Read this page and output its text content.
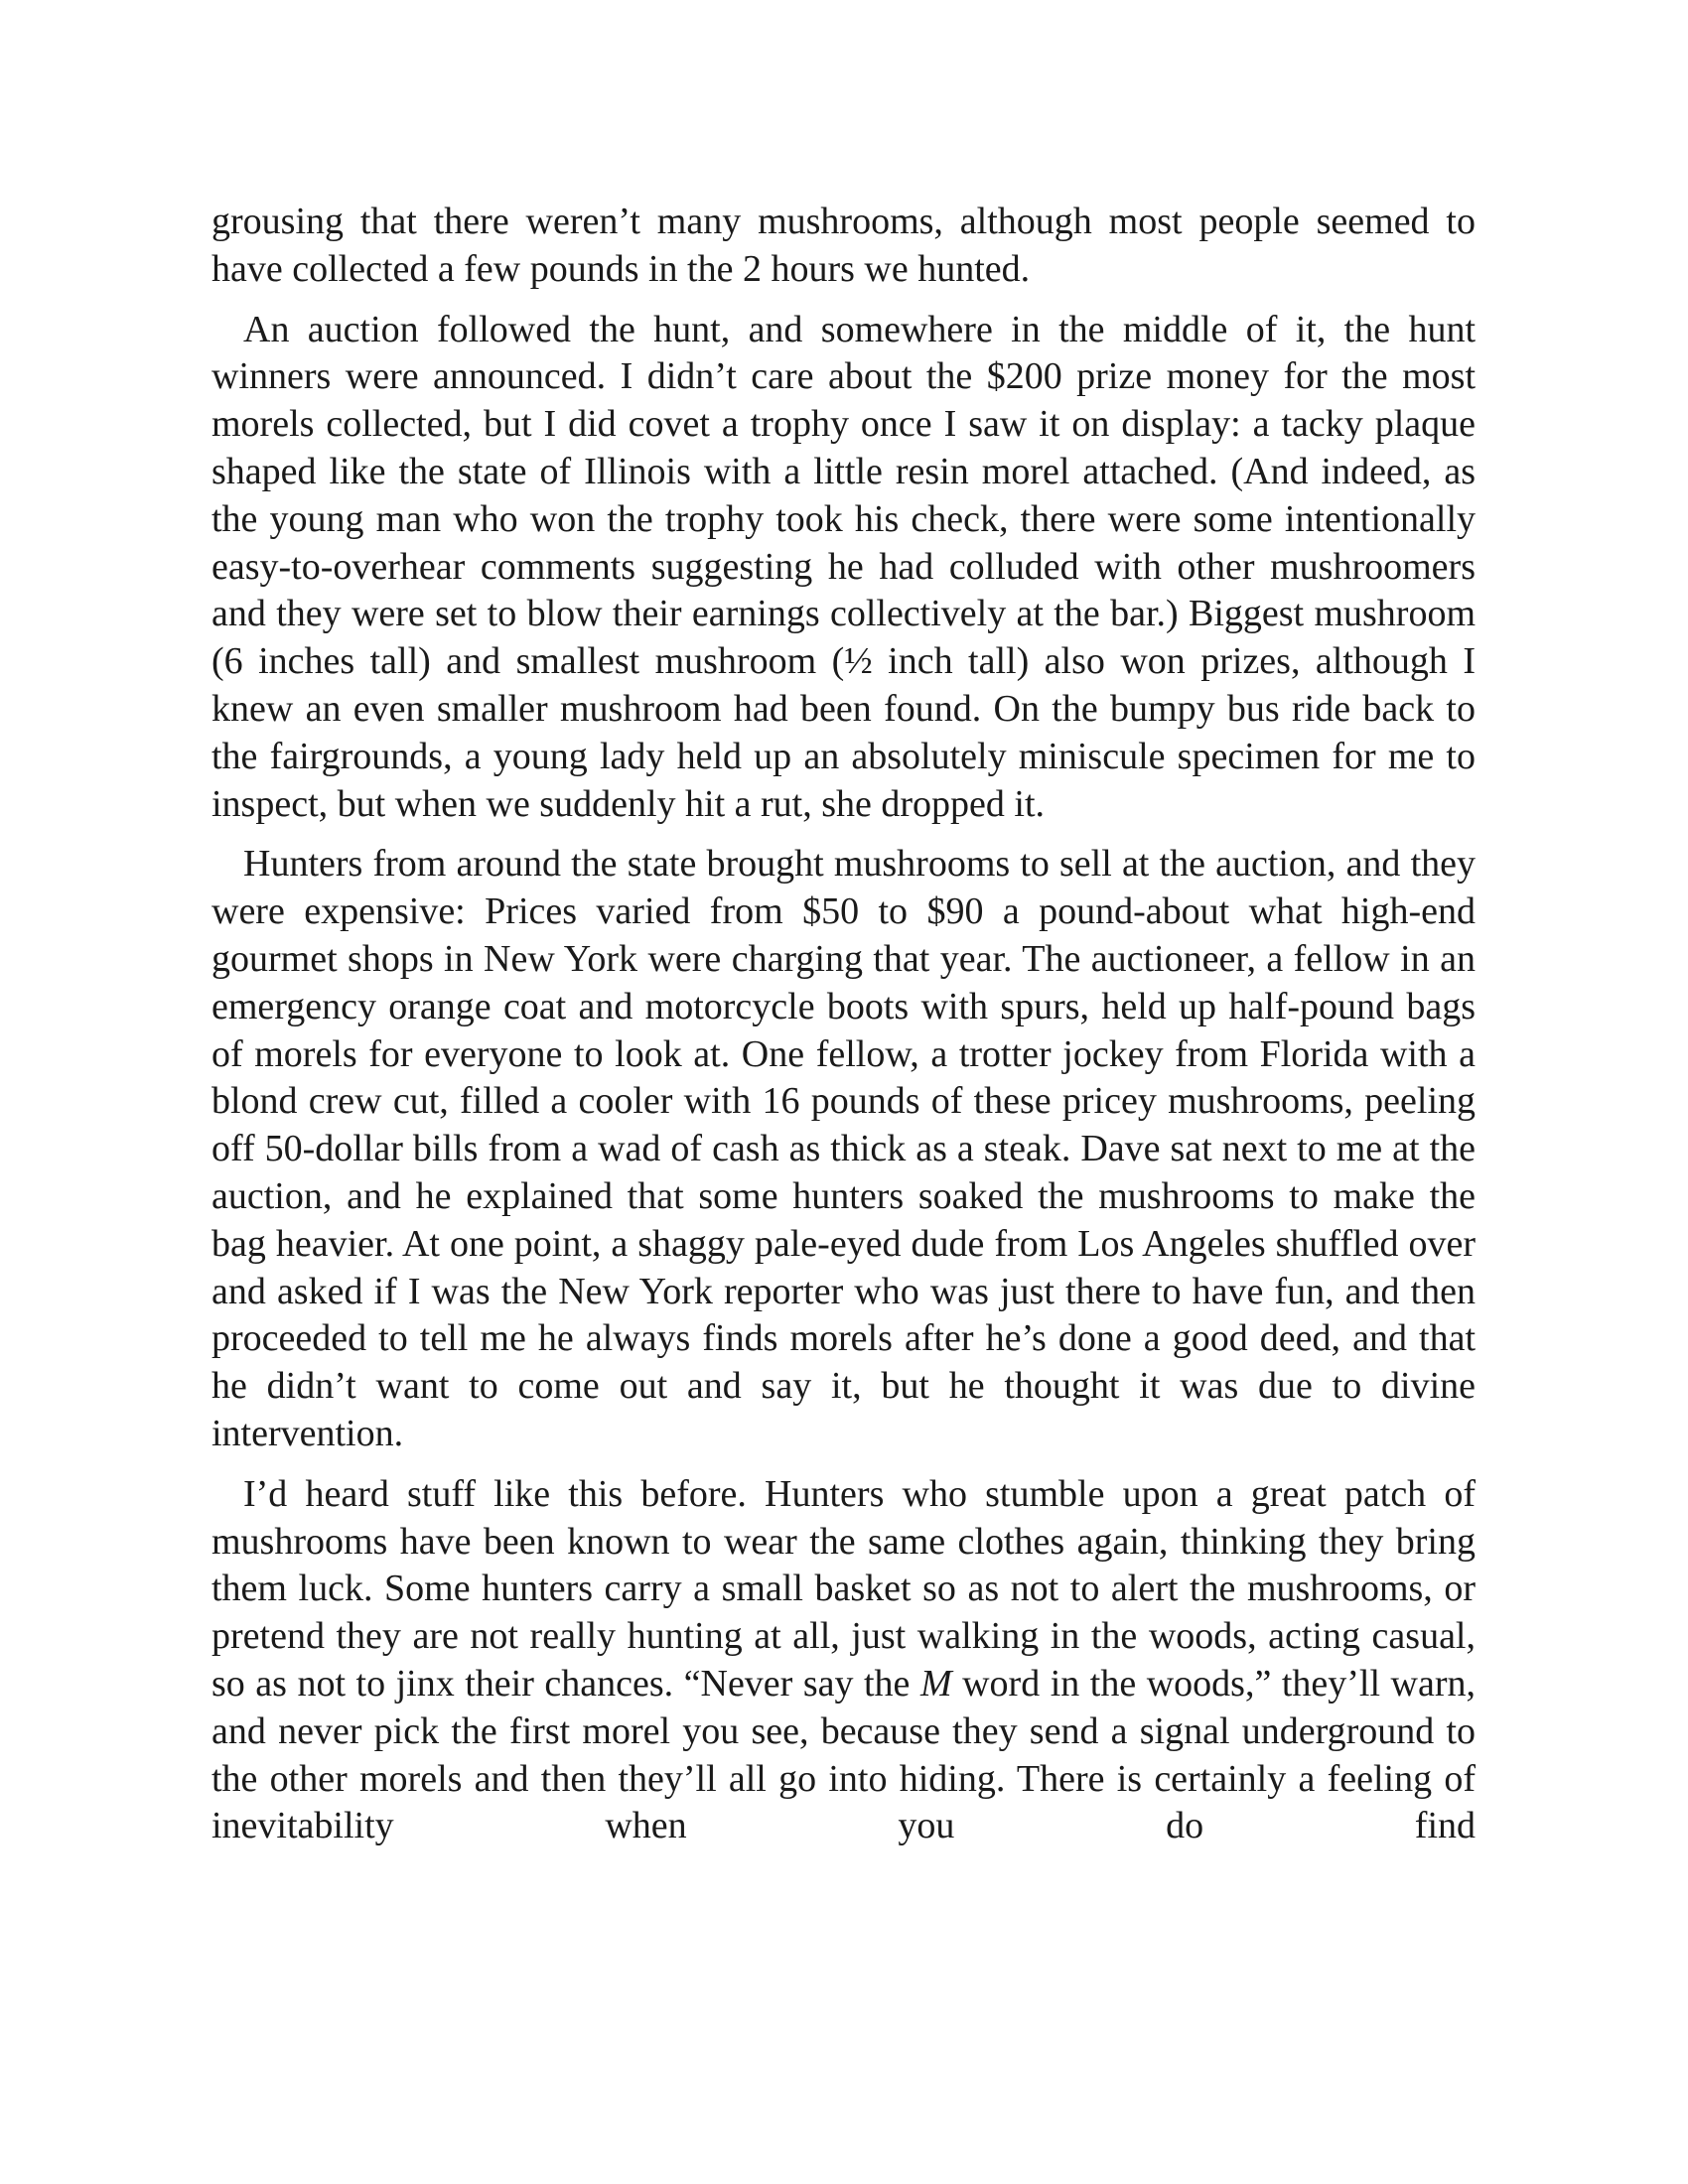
grousing that there weren’t many mushrooms, although most people seemed to have collected a few pounds in the 2 hours we hunted.

An auction followed the hunt, and somewhere in the middle of it, the hunt winners were announced. I didn’t care about the $200 prize money for the most morels collected, but I did covet a trophy once I saw it on display: a tacky plaque shaped like the state of Illinois with a little resin morel attached. (And indeed, as the young man who won the trophy took his check, there were some intentionally easy-to-overhear comments suggesting he had colluded with other mushroomers and they were set to blow their earnings collectively at the bar.) Biggest mushroom (6 inches tall) and smallest mushroom (½ inch tall) also won prizes, although I knew an even smaller mushroom had been found. On the bumpy bus ride back to the fairgrounds, a young lady held up an absolutely miniscule specimen for me to inspect, but when we suddenly hit a rut, she dropped it.

Hunters from around the state brought mushrooms to sell at the auction, and they were expensive: Prices varied from $50 to $90 a pound-about what high-end gourmet shops in New York were charging that year. The auctioneer, a fellow in an emergency orange coat and motorcycle boots with spurs, held up half-pound bags of morels for everyone to look at. One fellow, a trotter jockey from Florida with a blond crew cut, filled a cooler with 16 pounds of these pricey mushrooms, peeling off 50-dollar bills from a wad of cash as thick as a steak. Dave sat next to me at the auction, and he explained that some hunters soaked the mushrooms to make the bag heavier. At one point, a shaggy pale-eyed dude from Los Angeles shuffled over and asked if I was the New York reporter who was just there to have fun, and then proceeded to tell me he always finds morels after he’s done a good deed, and that he didn’t want to come out and say it, but he thought it was due to divine intervention.

I’d heard stuff like this before. Hunters who stumble upon a great patch of mushrooms have been known to wear the same clothes again, thinking they bring them luck. Some hunters carry a small basket so as not to alert the mushrooms, or pretend they are not really hunting at all, just walking in the woods, acting casual, so as not to jinx their chances. “Never say the M word in the woods,” they’ll warn, and never pick the first morel you see, because they send a signal underground to the other morels and then they’ll all go into hiding. There is certainly a feeling of inevitability when you do find
